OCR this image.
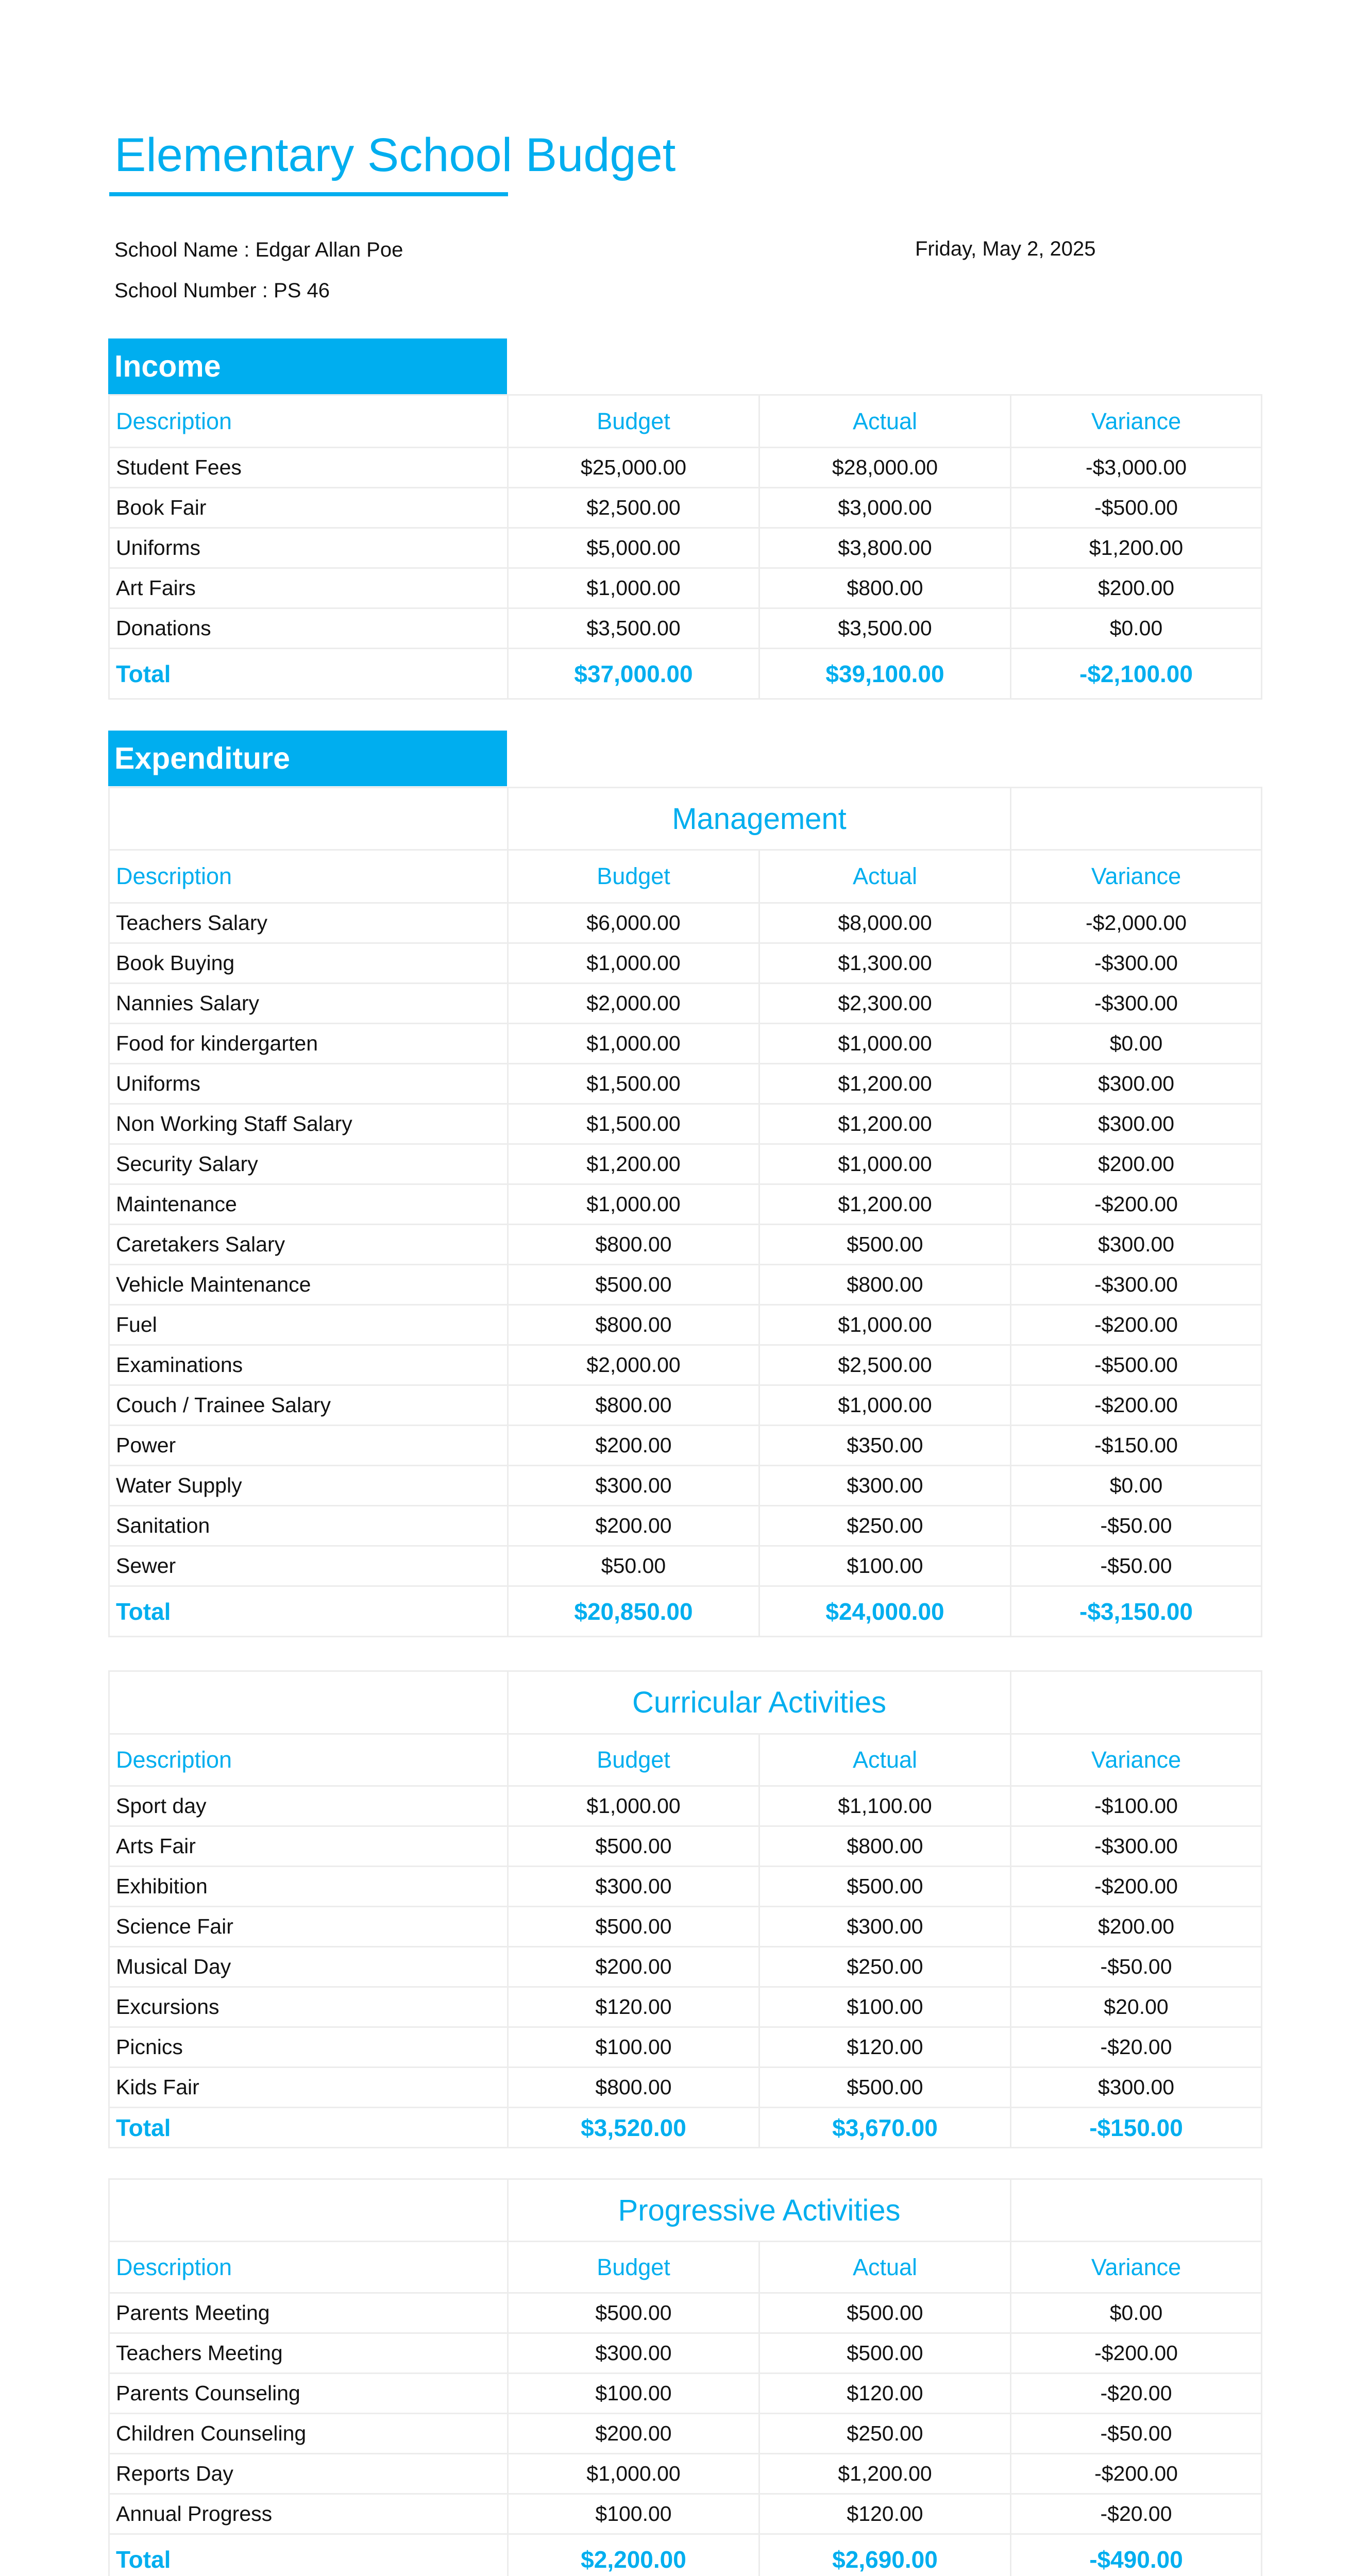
Elementary School Budget
School Name : Edgar Allan Poe
School Number : PS 46
Friday, May 2, 2025
Income
Description	Budget	Actual	Variance
Student Fees	$25,000.00	$28,000.00	-$3,000.00
Book Fair	$2,500.00	$3,000.00	-$500.00
Uniforms	$5,000.00	$3,800.00	$1,200.00
Art Fairs	$1,000.00	$800.00	$200.00
Donations	$3,500.00	$3,500.00	$0.00
Total	$37,000.00	$39,100.00	-$2,100.00
Expenditure
	Management		
Description	Budget	Actual	Variance
Teachers Salary	$6,000.00	$8,000.00	-$2,000.00
Book Buying	$1,000.00	$1,300.00	-$300.00
Nannies Salary	$2,000.00	$2,300.00	-$300.00
Food for kindergarten	$1,000.00	$1,000.00	$0.00
Uniforms	$1,500.00	$1,200.00	$300.00
Non Working Staff Salary	$1,500.00	$1,200.00	$300.00
Security Salary	$1,200.00	$1,000.00	$200.00
Maintenance	$1,000.00	$1,200.00	-$200.00
Caretakers Salary	$800.00	$500.00	$300.00
Vehicle Maintenance	$500.00	$800.00	-$300.00
Fuel	$800.00	$1,000.00	-$200.00
Examinations	$2,000.00	$2,500.00	-$500.00
Couch / Trainee Salary	$800.00	$1,000.00	-$200.00
Power	$200.00	$350.00	-$150.00
Water Supply	$300.00	$300.00	$0.00
Sanitation	$200.00	$250.00	-$50.00
Sewer	$50.00	$100.00	-$50.00
Total	$20,850.00	$24,000.00	-$3,150.00
	Curricular Activities		
Description	Budget	Actual	Variance
Sport day	$1,000.00	$1,100.00	-$100.00
Arts Fair	$500.00	$800.00	-$300.00
Exhibition	$300.00	$500.00	-$200.00
Science Fair	$500.00	$300.00	$200.00
Musical Day	$200.00	$250.00	-$50.00
Excursions	$120.00	$100.00	$20.00
Picnics	$100.00	$120.00	-$20.00
Kids Fair	$800.00	$500.00	$300.00
Total	$3,520.00	$3,670.00	-$150.00
	Progressive Activities		
Description	Budget	Actual	Variance
Parents Meeting	$500.00	$500.00	$0.00
Teachers Meeting	$300.00	$500.00	-$200.00
Parents Counseling	$100.00	$120.00	-$20.00
Children Counseling	$200.00	$250.00	-$50.00
Reports Day	$1,000.00	$1,200.00	-$200.00
Annual Progress	$100.00	$120.00	-$20.00
Total	$2,200.00	$2,690.00	-$490.00
